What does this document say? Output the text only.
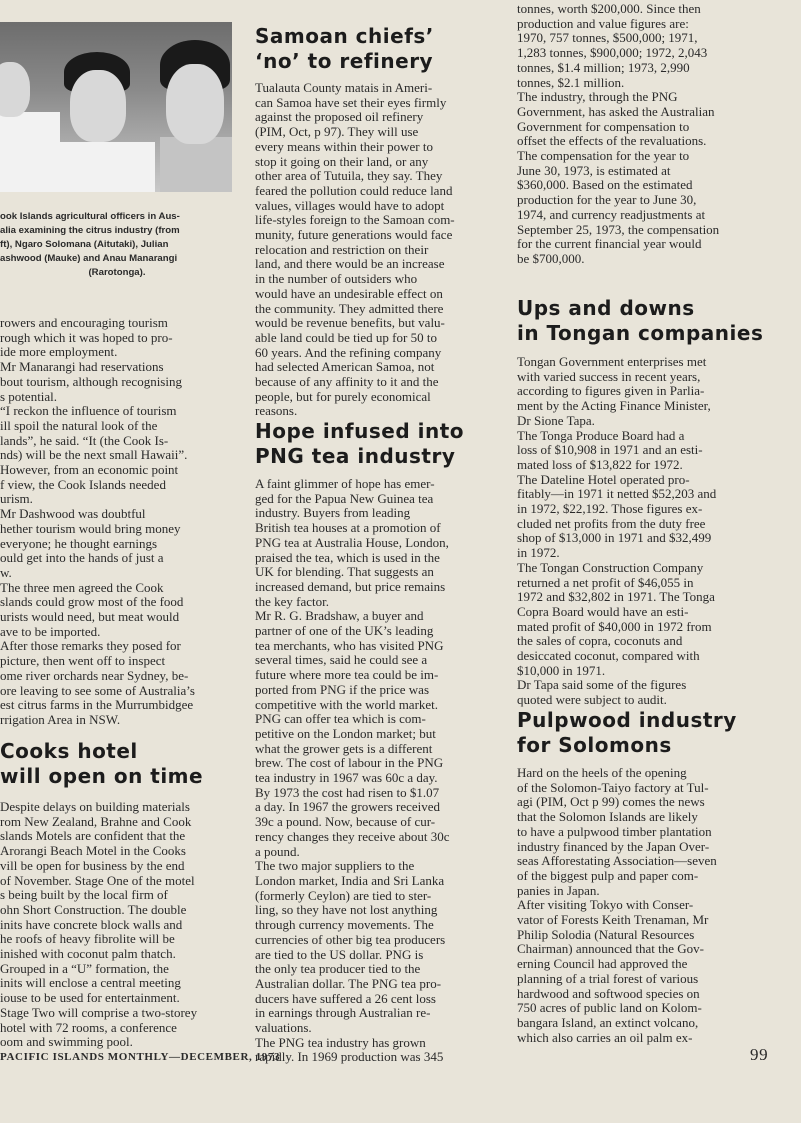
ook Islands agricultural officers in Aus-

alia examining the citrus industry (from

ft), Ngaro Solomana (Aitutaki), Julian

ashwood (Mauke) and Anau Manarangi

(Rarotonga).

rowers and encouraging tourism

rough which it was hoped to pro-

ide more employment.

Mr Manarangi had reservations

bout tourism, although recognising

s potential.

“I reckon the influence of tourism

ill spoil the natural look of the

lands”, he said. “It (the Cook Is-

nds) will be the next small Hawaii”.

However, from an economic point

f view, the Cook Islands needed

urism.

Mr Dashwood was doubtful

hether tourism would bring money

everyone; he thought earnings

ould get into the hands of just a

w.

The three men agreed the Cook

slands could grow most of the food

urists would need, but meat would

ave to be imported.

After those remarks they posed for

picture, then went off to inspect

ome river orchards near Sydney, be-

ore leaving to see some of Australia’s

est citrus farms in the Murrumbidgee

rrigation Area in NSW.

Cooks hotel
will open on time

Despite delays on building materials

rom New Zealand, Brahne and Cook

slands Motels are confident that the

Arorangi Beach Motel in the Cooks

vill be open for business by the end

of November. Stage One of the motel

s being built by the local firm of

ohn Short Construction. The double

inits have concrete block walls and

he roofs of heavy fibrolite will be

inished with coconut palm thatch.

Grouped in a “U” formation, the

inits will enclose a central meeting

iouse to be used for entertainment.

Stage Two will comprise a two-storey

hotel with 72 rooms, a conference

oom and swimming pool.

Samoan chiefs’
‘no’ to refinery

Tualauta County matais in Ameri-

can Samoa have set their eyes firmly

against the proposed oil refinery

(PIM, Oct, p 97). They will use

every means within their power to

stop it going on their land, or any

other area of Tutuila, they say. They

feared the pollution could reduce land

values, villages would have to adopt

life-styles foreign to the Samoan com-

munity, future generations would face

relocation and restriction on their

land, and there would be an increase

in the number of outsiders who

would have an undesirable effect on

the community. They admitted there

would be revenue benefits, but valu-

able land could be tied up for 50 to

60 years. And the refining company

had selected American Samoa, not

because of any affinity to it and the

people, but for purely economical

reasons.

Hope infused into
PNG tea industry

A faint glimmer of hope has emer-

ged for the Papua New Guinea tea

industry. Buyers from leading

British tea houses at a promotion of

PNG tea at Australia House, London,

praised the tea, which is used in the

UK for blending. That suggests an

increased demand, but price remains

the key factor.

Mr R. G. Bradshaw, a buyer and

partner of one of the UK’s leading

tea merchants, who has visited PNG

several times, said he could see a

future where more tea could be im-

ported from PNG if the price was

competitive with the world market.

PNG can offer tea which is com-

petitive on the London market; but

what the grower gets is a different

brew. The cost of labour in the PNG

tea industry in 1967 was 60c a day.

By 1973 the cost had risen to $1.07

a day. In 1967 the growers received

39c a pound. Now, because of cur-

rency changes they receive about 30c

a pound.

The two major suppliers to the

London market, India and Sri Lanka

(formerly Ceylon) are tied to ster-

ling, so they have not lost anything

through currency movements. The

currencies of other big tea producers

are tied to the US dollar. PNG is

the only tea producer tied to the

Australian dollar. The PNG tea pro-

ducers have suffered a 26 cent loss

in earnings through Australian re-

valuations.

The PNG tea industry has grown

rapidly. In 1969 production was 345

tonnes, worth $200,000. Since then

production and value figures are:

1970, 757 tonnes, $500,000; 1971,

1,283 tonnes, $900,000; 1972, 2,043

tonnes, $1.4 million; 1973, 2,990

tonnes, $2.1 million.

The industry, through the PNG

Government, has asked the Australian

Government for compensation to

offset the effects of the revaluations.

The compensation for the year to

June 30, 1973, is estimated at

$360,000. Based on the estimated

production for the year to June 30,

1974, and currency readjustments at

September 25, 1973, the compensation

for the current financial year would

be $700,000.

Ups and downs
in Tongan companies

Tongan Government enterprises met

with varied success in recent years,

according to figures given in Parlia-

ment by the Acting Finance Minister,

Dr Sione Tapa.

The Tonga Produce Board had a

loss of $10,908 in 1971 and an esti-

mated loss of $13,822 for 1972.

The Dateline Hotel operated pro-

fitably—in 1971 it netted $52,203 and

in 1972, $22,192. Those figures ex-

cluded net profits from the duty free

shop of $13,000 in 1971 and $32,499

in 1972.

The Tongan Construction Company

returned a net profit of $46,055 in

1972 and $32,802 in 1971. The Tonga

Copra Board would have an esti-

mated profit of $40,000 in 1972 from

the sales of copra, coconuts and

desiccated coconut, compared with

$10,000 in 1971.

Dr Tapa said some of the figures

quoted were subject to audit.

Pulpwood industry
for Solomons

Hard on the heels of the opening

of the Solomon-Taiyo factory at Tul-

agi (PIM, Oct p 99) comes the news

that the Solomon Islands are likely

to have a pulpwood timber plantation

industry financed by the Japan Over-

seas Afforestating Association—seven

of the biggest pulp and paper com-

panies in Japan.

After visiting Tokyo with Conser-

vator of Forests Keith Trenaman, Mr

Philip Solodia (Natural Resources

Chairman) announced that the Gov-

erning Council had approved the

planning of a trial forest of various

hardwood and softwood species on

750 acres of public land on Kolom-

bangara Island, an extinct volcano,

which also carries an oil palm ex-

PACIFIC ISLANDS MONTHLY—DECEMBER, 1973	99
